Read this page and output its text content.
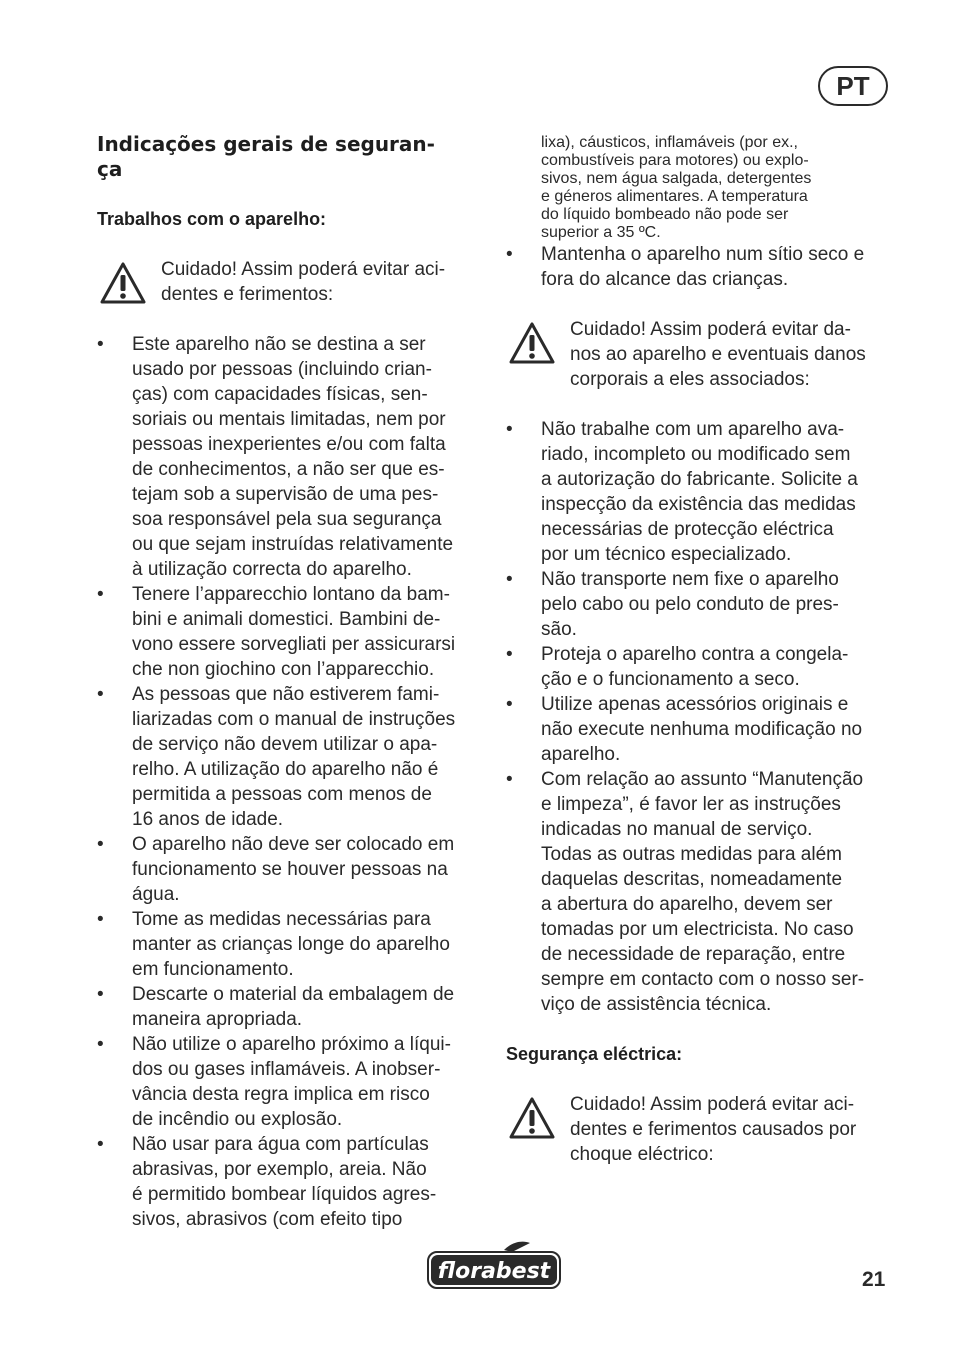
PT
Indicações gerais de seguran-
ça
Trabalhos com o aparelho:
Cuidado! Assim poderá evitar aci-
dentes e ferimentos:
• Este aparelho não se destina a ser
usado por pessoas (incluindo crian-
ças) com capacidades físicas, sen-
soriais ou mentais limitadas, nem por
pessoas inexperientes e/ou com falta
de conhecimentos, a não ser que es-
tejam sob a supervisão de uma pes-
soa responsável pela sua segurança
ou que sejam instruídas relativamente
à utilização correcta do aparelho.
• Tenere l’apparecchio lontano da bam-
bini e animali domestici. Bambini de-
vono essere sorvegliati per assicurarsi
che non giochino con l’apparecchio.
• As pessoas que não estiverem fami-
liarizadas com o manual de instruções
de serviço não devem utilizar o apa-
relho. A utilização do aparelho não é
permitida a pessoas com menos de
16 anos de idade.
• O aparelho não deve ser colocado em
funcionamento se houver pessoas na
água.
• Tome as medidas necessárias para
manter as crianças longe do aparelho
em funcionamento.
• Descarte o material da embalagem de
maneira apropriada.
• Não utilize o aparelho próximo a líqui-
dos ou gases inflamáveis. A inobser-
vância desta regra implica em risco
de incêndio ou explosão.
• Não usar para água com partículas
abrasivas, por exemplo, areia. Não
é permitido bombear líquidos agres-
sivos, abrasivos (com efeito tipo
lixa), cáusticos, inflamáveis (por ex.,
combustíveis para motores) ou explo-
sivos, nem água salgada, detergentes
e géneros alimentares. A temperatura
do líquido bombeado não pode ser
superior a 35 ºC.
• Mantenha o aparelho num sítio seco e
fora do alcance das crianças.
Cuidado! Assim poderá evitar da-
nos ao aparelho e eventuais danos
corporais a eles associados:
• Não trabalhe com um aparelho ava-
riado, incompleto ou modificado sem
a autorização do fabricante. Solicite a
inspecção da existência das medidas
necessárias de protecção eléctrica
por um técnico especializado.
• Não transporte nem fixe o aparelho
pelo cabo ou pelo conduto de pres-
são.
• Proteja o aparelho contra a congela-
ção e o funcionamento a seco.
• Utilize apenas acessórios originais e
não execute nenhuma modificação no
aparelho.
• Com relação ao assunto “Manutenção
e limpeza”, é favor ler as instruções
indicadas no manual de serviço.
Todas as outras medidas para além
daquelas descritas, nomeadamente
a abertura do aparelho, devem ser
tomadas por um electricista. No caso
de necessidade de reparação, entre
sempre em contacto com o nosso ser-
viço de assistência técnica.
Segurança eléctrica:
Cuidado! Assim poderá evitar aci-
dentes e ferimentos causados por
choque eléctrico:
florabest	21
